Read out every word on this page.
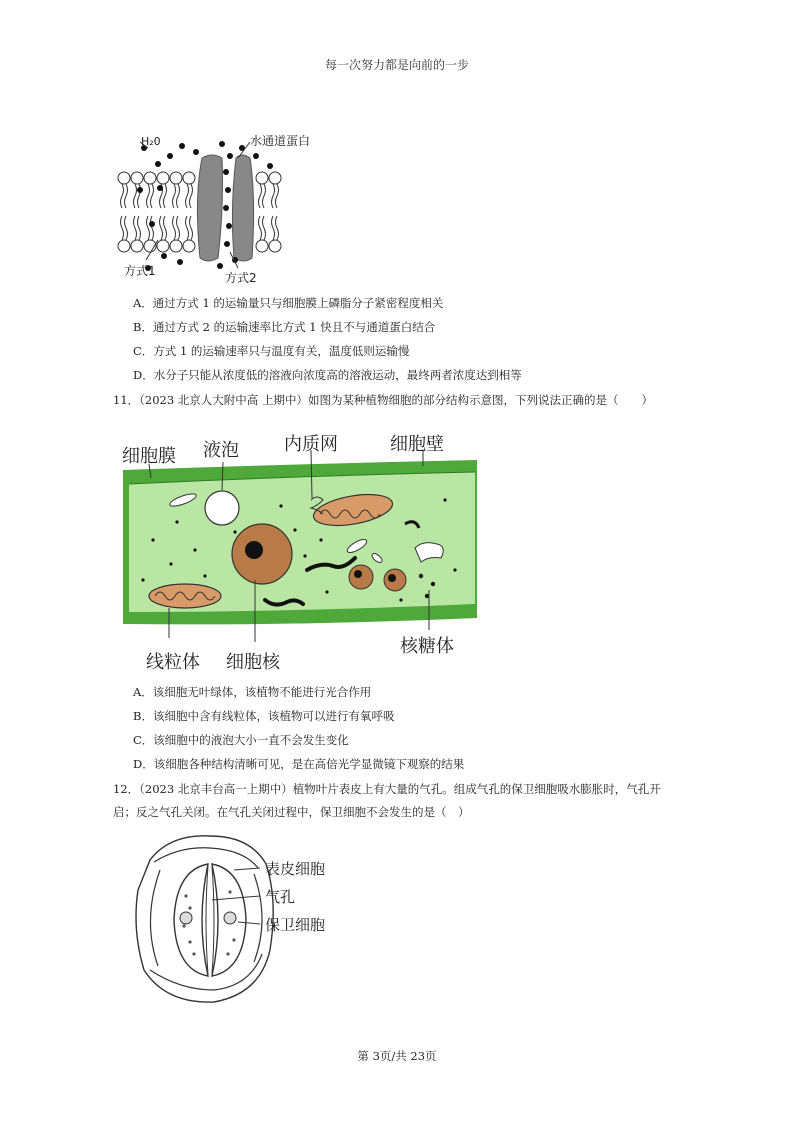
每一次努力都是向前的一步
H₂0	水通道蛋白
方式1	方式2
A．通过方式 1 的运输量只与细胞膜上磷脂分子紧密程度相关
B．通过方式 2 的运输速率比方式 1 快且不与通道蛋白结合
C．方式 1 的运输速率只与温度有关，温度低则运输慢
D．水分子只能从浓度低的溶液向浓度高的溶液运动，最终两者浓度达到相等
11．（2023 北京人大附中高 上期中）如图为某种植物细胞的部分结构示意图，下列说法正确的是（　　）
细胞膜 液泡	内质网	细胞壁
线粒体 细胞核
核糖体
A．该细胞无叶绿体，该植物不能进行光合作用
B．该细胞中含有线粒体，该植物可以进行有氧呼吸
C．该细胞中的液泡大小一直不会发生变化
D．该细胞各种结构清晰可见，是在高倍光学显微镜下观察的结果
12．（2023 北京丰台高一上期中）植物叶片表皮上有大量的气孔。组成气孔的保卫细胞吸水膨胀时，气孔开
启；反之气孔关闭。在气孔关闭过程中，保卫细胞不会发生的是（　）
表皮细胞
气孔
保卫细胞
第 3页/共 23页
